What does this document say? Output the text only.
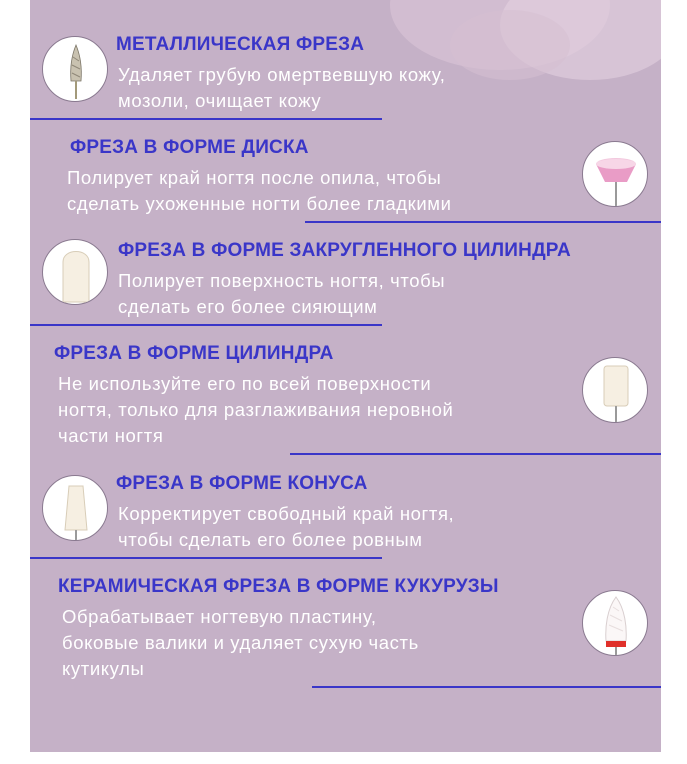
МЕТАЛЛИЧЕСКАЯ ФРЕЗА
Удаляет грубую омертвевшую кожу,
мозоли, очищает кожу
ФРЕЗА В ФОРМЕ ДИСКА
Полирует край ногтя после опила, чтобы
сделать ухоженные ногти более гладкими
ФРЕЗА В ФОРМЕ ЗАКРУГЛЕННОГО ЦИЛИНДРА
Полирует поверхность ногтя, чтобы
сделать его более сияющим
ФРЕЗА В ФОРМЕ ЦИЛИНДРА
Не используйте его по всей поверхности
ногтя, только для разглаживания неровной
части ногтя
ФРЕЗА В ФОРМЕ КОНУСА
Корректирует свободный край ногтя,
чтобы сделать его более ровным
КЕРАМИЧЕСКАЯ ФРЕЗА В ФОРМЕ КУКУРУЗЫ
Обрабатывает ногтевую пластину,
боковые валики и удаляет сухую часть
кутикулы
